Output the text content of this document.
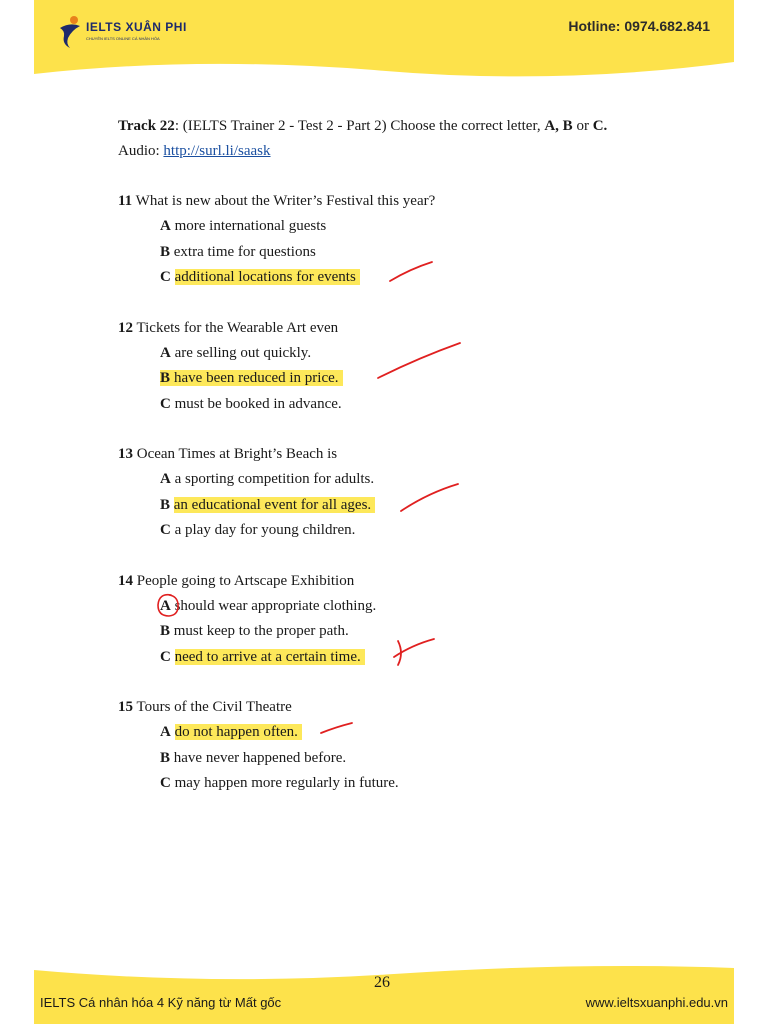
IELTS XUÂN PHI
CHUYÊN IELTS ONLINE CÁ NHÂN HÓA
Hotline: 0974.682.841
Track 22: (IELTS Trainer 2 - Test 2 - Part 2) Choose the correct letter, A, B or C.
Audio: http://surl.li/saask
11 What is new about the Writer’s Festival this year?
A more international guests
B extra time for questions
C additional locations for events
12 Tickets for the Wearable Art even
A are selling out quickly.
B have been reduced in price.
C must be booked in advance.
13 Ocean Times at Bright’s Beach is
A a sporting competition for adults.
B an educational event for all ages.
C a play day for young children.
14 People going to Artscape Exhibition
A should wear appropriate clothing.
B must keep to the proper path.
C need to arrive at a certain time.
15 Tours of the Civil Theatre
A do not happen often.
B have never happened before.
C may happen more regularly in future.
26
IELTS Cá nhân hóa 4 Kỹ năng từ Mất gốc	www.ieltsxuanphi.edu.vn
